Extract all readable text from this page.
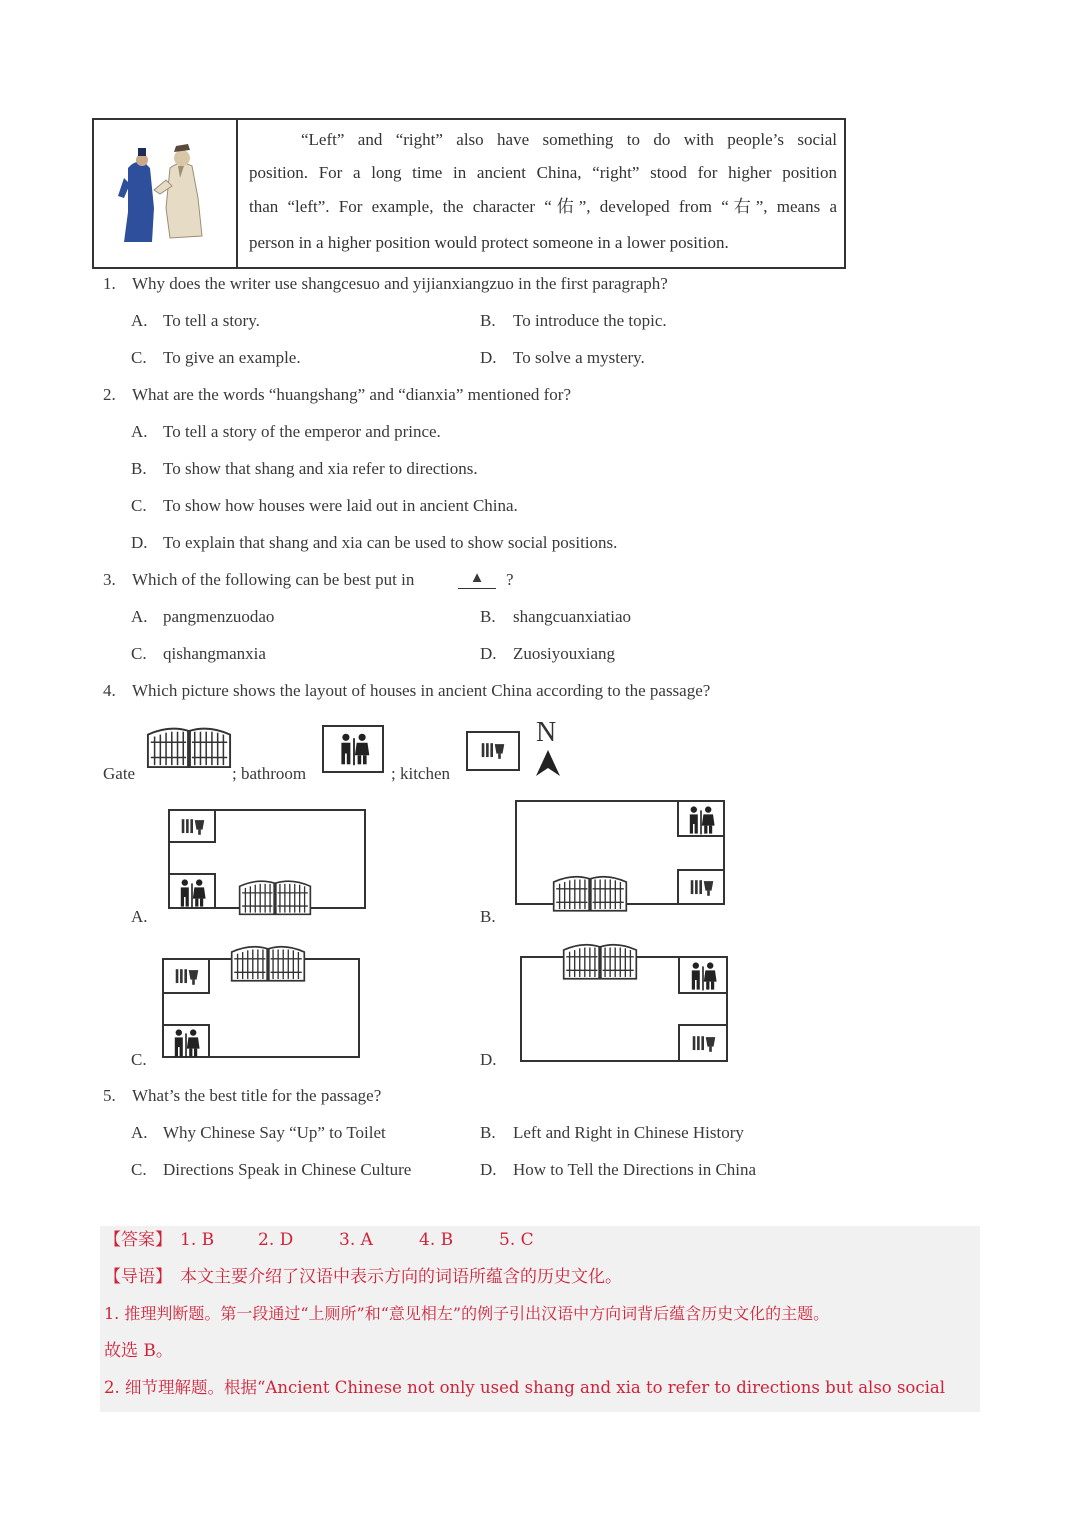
“Left” and “right” also have something to do with people’s social
position. For a long time in ancient China, “right” stood for higher position
than “left”. For example, the character “佑”, developed from “右”, means a
person in a higher position would protect someone in a lower position.
1. Why does the writer use shangcesuo and yijianxiangzuo in the first paragraph?
A. To tell a story.	B. To introduce the topic.
C. To give an example.	D. To solve a mystery.
2. What are the words “huangshang” and “dianxia” mentioned for?
A. To tell a story of the emperor and prince.
B. To show that shang and xia refer to directions.
C. To show how houses were laid out in ancient China.
D. To explain that shang and xia can be used to show social positions.
3. Which of the following can be best put in	▲	?
A. pangmenzuodao	B. shangcuanxiatiao
C. qishangmanxia	D. Zuosiyouxiang
4. Which picture shows the layout of houses in ancient China according to the passage?
Gate	; bathroom	; kitchen
N
A.	B.
C.	D.
5. What’s the best title for the passage?
A. Why Chinese Say “Up” to Toilet	B. Left and Right in Chinese History
C. Directions Speak in Chinese Culture	D. How to Tell the Directions in China
【答案】 1. B	2. D	3. A	4. B	5. C
【导语】 本文主要介绍了汉语中表示方向的词语所蕴含的历史文化。
1. 推理判断题。第一段通过“上厕所”和“意见相左”的例子引出汉语中方向词背后蕴含历史文化的主题。
故选 B。
2. 细节理解题。根据“Ancient Chinese not only used shang and xia to refer to directions but also social
